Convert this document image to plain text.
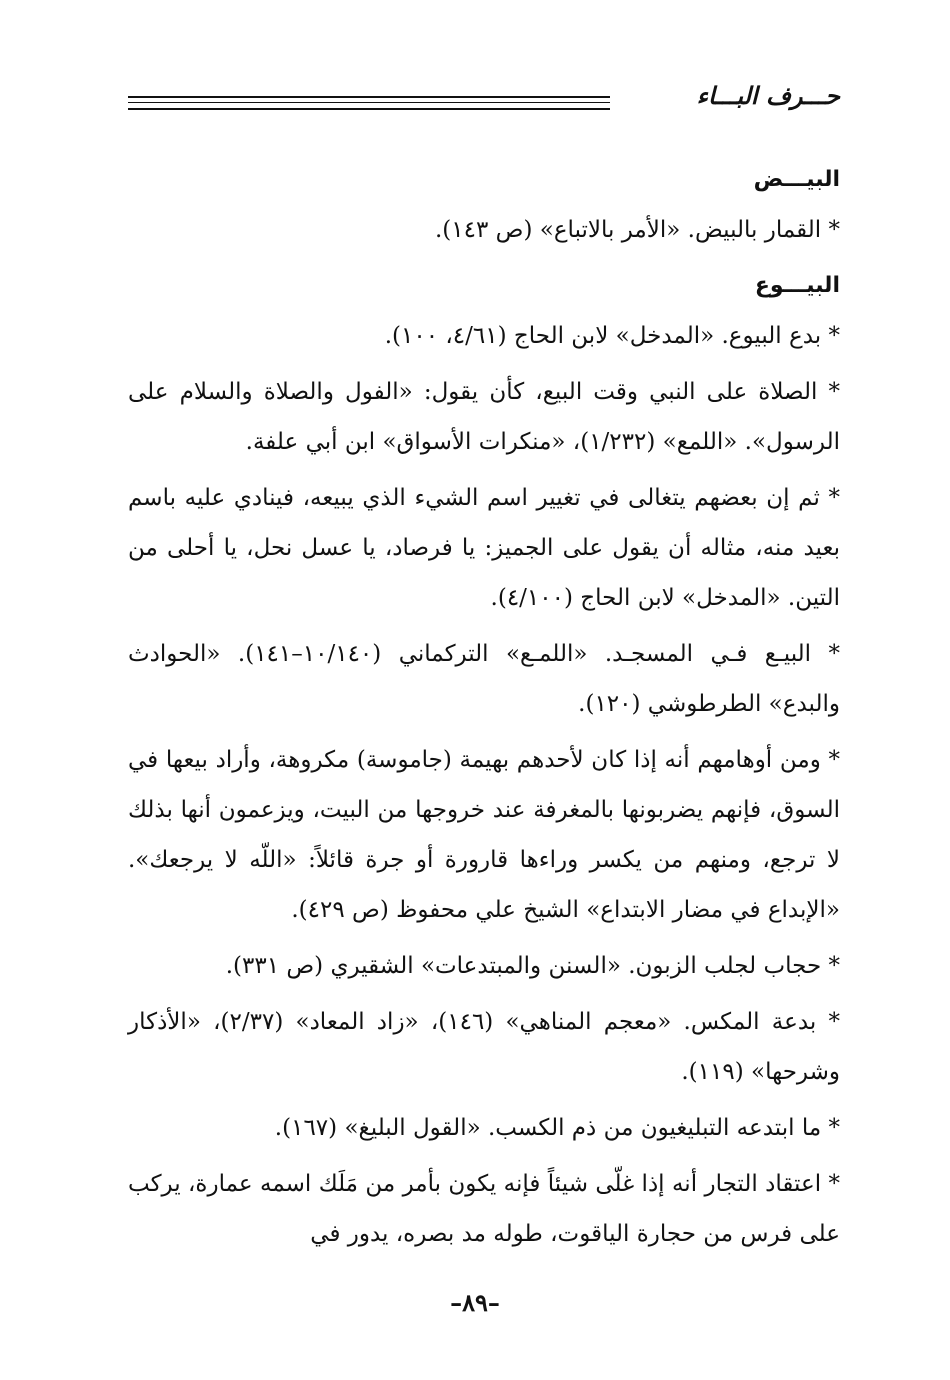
حـــرف البـــاء
البيـــض

* القمار بالبيض. «الأمر بالاتباع» (ص ١٤٣).

البيـــوع

* بدع البيوع. «المدخل» لابن الحاج (٤/٦١، ١٠٠).

* الصلاة على النبي وقت البيع، كأن يقول: «الفول والصلاة والسلام على الرسول». «اللمع» (١/٢٣٢)، «منكرات الأسواق» ابن أبي علفة.

* ثم إن بعضهم يتغالى في تغيير اسم الشيء الذي يبيعه، فينادي عليه باسم بعيد منه، مثاله أن يقول على الجميز: يا فرصاد، يا عسل نحل، يا أحلى من التين. «المدخل» لابن الحاج (٤/١٠٠).

* البيـع فـي المسجـد. «اللمـع» التركماني (١٠/١٤٠–١٤١). «الحوادث والبدع» الطرطوشي (١٢٠).

* ومن أوهامهم أنه إذا كان لأحدهم بهيمة (جاموسة) مكروهة، وأراد بيعها في السوق، فإنهم يضربونها بالمغرفة عند خروجها من البيت، ويزعمون أنها بذلك لا ترجع، ومنهم من يكسر وراءها قارورة أو جرة قائلاً: «اللّه لا يرجعك». «الإبداع في مضار الابتداع» الشيخ علي محفوظ (ص ٤٢٩).

* حجاب لجلب الزبون. «السنن والمبتدعات» الشقيري (ص ٣٣١).

* بدعة المكس. «معجم المناهي» (١٤٦)، «زاد المعاد» (٢/٣٧)، «الأذكار وشرحها» (١١٩).

* ما ابتدعه التبليغيون من ذم الكسب. «القول البليغ» (١٦٧).

* اعتقاد التجار أنه إذا غلّى شيئاً فإنه يكون بأمر من مَلَك اسمه عمارة، يركب على فرس من حجارة الياقوت، طوله مد بصره، يدور في

–٨٩–
